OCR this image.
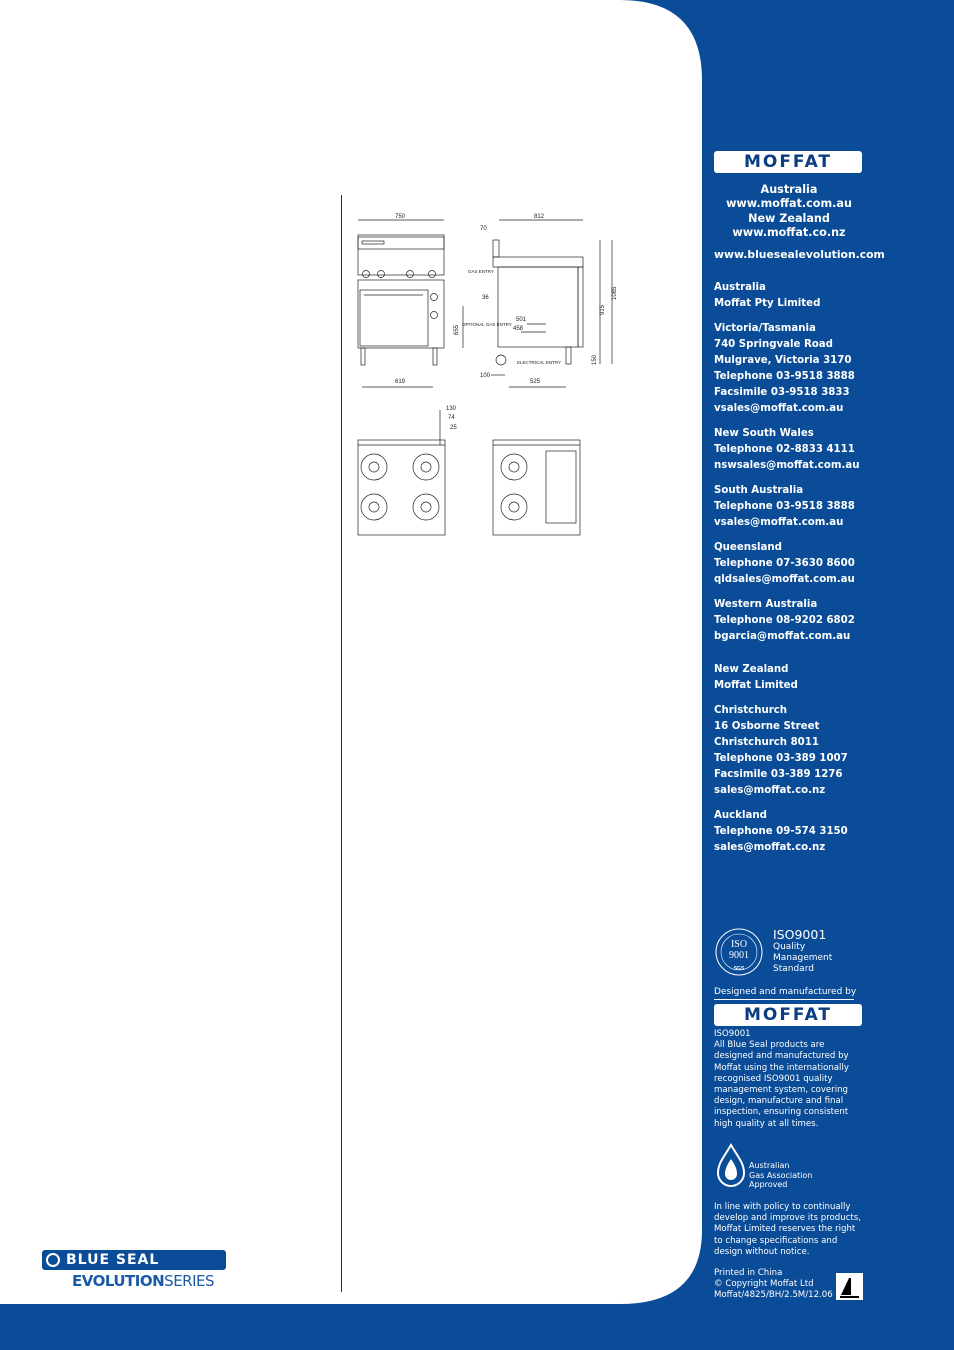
750	812
70
1085
915
655
36
501
458
150
619
100
525
130
74
25
GAS ENTRY
OPTIONAL GAS ENTRY
ELECTRICAL ENTRY
MOFFAT
Australia
www.moffat.com.au
New Zealand
www.moffat.co.nz
www.bluesealevolution.com
Australia
Moffat Pty Limited
Victoria/Tasmania
740 Springvale Road
Mulgrave, Victoria 3170
Telephone 03-9518 3888
Facsimile 03-9518 3833
vsales@moffat.com.au
New South Wales
Telephone 02-8833 4111
nswsales@moffat.com.au
South Australia
Telephone 03-9518 3888
vsales@moffat.com.au
Queensland
Telephone 07-3630 8600
qldsales@moffat.com.au
Western Australia
Telephone 08-9202 6802
bgarcia@moffat.com.au
New Zealand
Moffat Limited
Christchurch
16 Osborne Street
Christchurch 8011
Telephone 03-389 1007
Facsimile 03-389 1276
sales@moffat.co.nz
Auckland
Telephone 09-574 3150
sales@moffat.co.nz
ISO
9001
SGS
ISO9001
Quality
Management
Standard
Designed and manufactured by
MOFFAT
ISO9001
All Blue Seal products are
designed and manufactured by
Moffat using the internationally
recognised ISO9001 quality
management system, covering
design, manufacture and final
inspection, ensuring consistent
high quality at all times.
Australian
Gas Association
Approved
In line with policy to continually
develop and improve its products,
Moffat Limited reserves the right
to change specifications and
design without notice.
Printed in China
© Copyright Moffat Ltd
Moffat/4825/BH/2.5M/12.06
BLUE SEAL
EVOLUTIONSERIES
